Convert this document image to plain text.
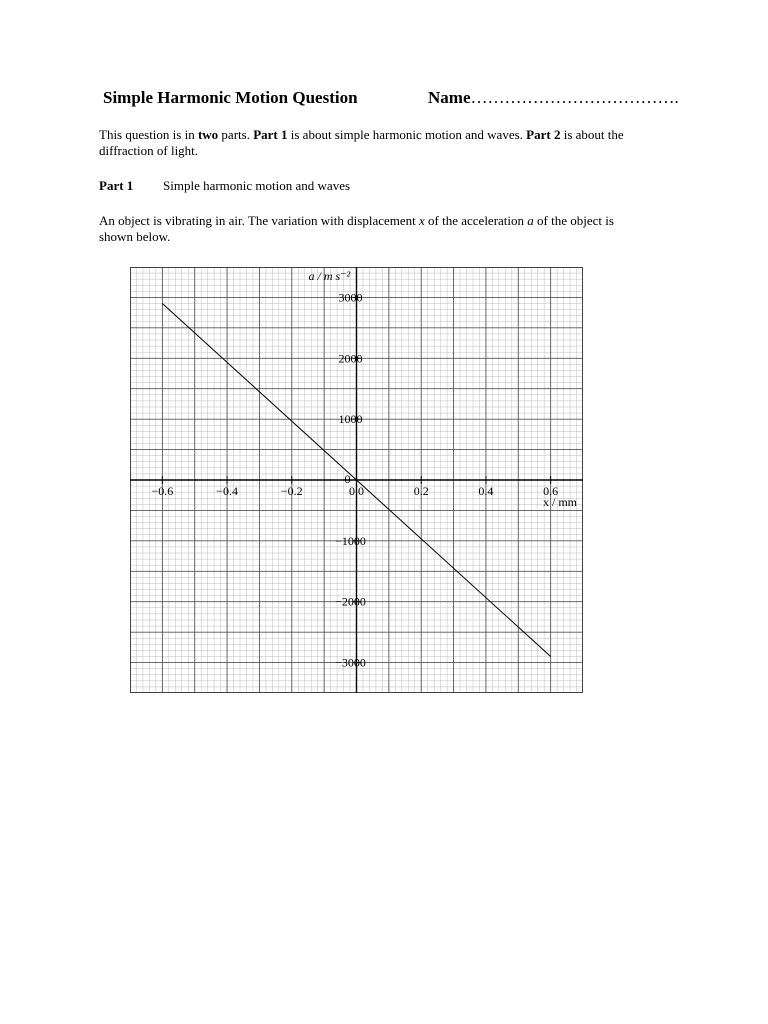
Simple Harmonic Motion Question	Name……………………………….
This question is in two parts. Part 1 is about simple harmonic motion and waves. Part 2 is about the diffraction of light.
Part 1 Simple harmonic motion and waves
An object is vibrating in air. The variation with displacement x of the acceleration a of the object is shown below.
−0.6	−0.4	−0.2	0.0	0.2	0.4	0.6
−3000
−2000
−1000
1000
2000
3000
0
a / m s⁻²
x / mm
